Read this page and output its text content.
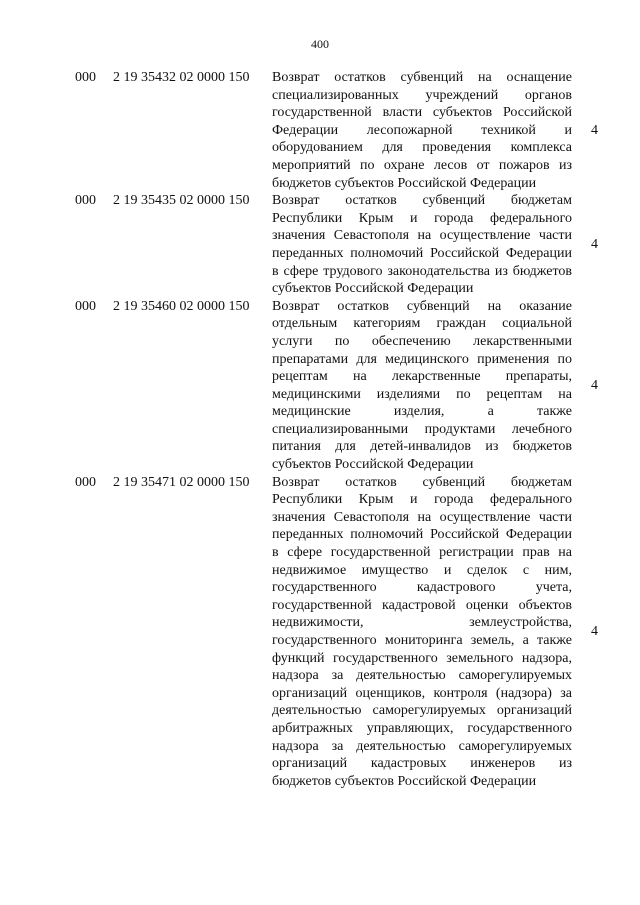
400
000 2 19 35432 02 0000 150 Возврат остатков субвенций на оснащение специализированных учреждений органов государственной власти субъектов Российской Федерации лесопожарной техникой и оборудованием для проведения комплекса мероприятий по охране лесов от пожаров из бюджетов субъектов Российской Федерации
4
000 2 19 35435 02 0000 150 Возврат остатков субвенций бюджетам Республики Крым и города федерального значения Севастополя на осуществление части переданных полномочий Российской Федерации в сфере трудового законодательства из бюджетов субъектов Российской Федерации
4
000 2 19 35460 02 0000 150 Возврат остатков субвенций на оказание отдельным категориям граждан социальной услуги по обеспечению лекарственными препаратами для медицинского применения по рецептам на лекарственные препараты, медицинскими изделиями по рецептам на медицинские изделия, а также специализированными продуктами лечебного питания для детей-инвалидов из бюджетов субъектов Российской Федерации
4
000 2 19 35471 02 0000 150 Возврат остатков субвенций бюджетам Республики Крым и города федерального значения Севастополя на осуществление части переданных полномочий Российской Федерации в сфере государственной регистрации прав на недвижимое имущество и сделок с ним, государственного кадастрового учета, государственной кадастровой оценки объектов недвижимости, землеустройства, государственного мониторинга земель, а также функций государственного земельного надзора, надзора за деятельностью саморегулируемых организаций оценщиков, контроля (надзора) за деятельностью саморегулируемых организаций арбитражных управляющих, государственного надзора за деятельностью саморегулируемых организаций кадастровых инженеров из бюджетов субъектов Российской Федерации
4
